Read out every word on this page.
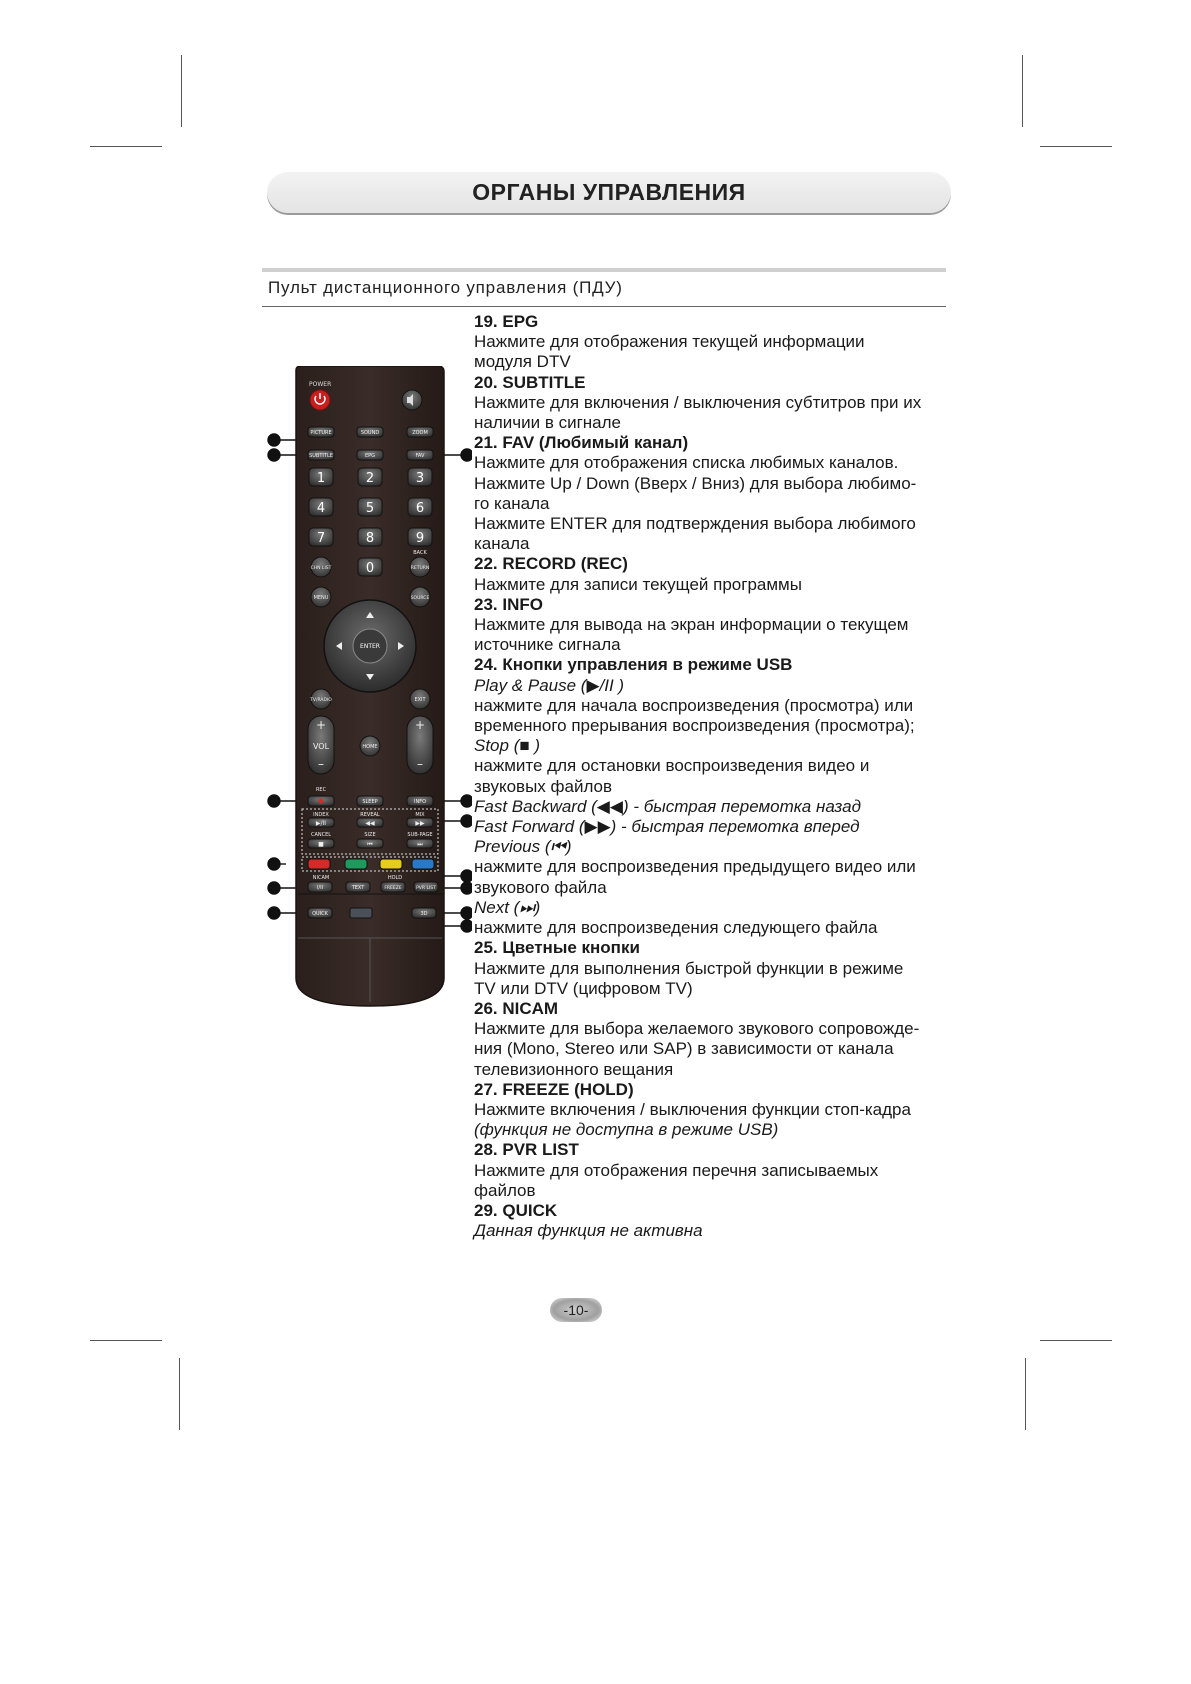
ОРГАНЫ УПРАВЛЕНИЯ
Пульт дистанционного управления (ПДУ)
POWER
PICTURE	SOUND	ZOOM
SUBTITLE	EPG	FAV
1	2	3
4	5	6
7	8	9
0
BACK
CHN LIST	RETURN
MENU	SOURCE
ENTER
TV/RADIO	EXIT
+
VOL
–
HOME
+
–
REC
SLEEP	INFO
INDEX	REVEAL	MIX
▶/II	◀◀	▶▶
CANCEL	SIZE	SUB-PAGE
■	⏮	⏭
NICAM	HOLD
I/II	TEXT	FREEZE	PVR LIST
QUICK	3D
19. EPG
Нажмите для отображения текущей информации
модуля DTV
20. SUBTITLE
Нажмите для включения / выключения субтитров при их
наличии в сигнале
21. FAV (Любимый канал)
Нажмите для отображения списка любимых каналов.
Нажмите Up / Down (Вверх / Вниз) для выбора любимо-
го канала
Нажмите ENTER для подтверждения выбора любимого
канала
22. RECORD (REC)
Нажмите для записи текущей программы
23. INFO
Нажмите для вывода на экран информации о текущем
источнике сигнала
24. Кнопки управления в режиме USB
Play & Pause (▶/II )
нажмите для начала воспроизведения (просмотра) или
временного прерывания воспроизведения (просмотра);
Stop (■ )
нажмите для остановки воспроизведения видео и
звуковых файлов
Fast Backward (◀◀) - быстрая перемотка назад
Fast Forward (▶▶) - быстрая перемотка вперед
Previous (⏮)
нажмите для воспроизведения предыдущего видео или
звукового файла
Next (⏭)
нажмите для воспроизведения следующего файла
25. Цветные кнопки
Нажмите для выполнения быстрой функции в режиме
TV или DTV (цифровом TV)
26. NICAM
Нажмите для выбора желаемого звукового сопровожде-
ния (Mono, Stereo или SAP) в зависимости от канала
телевизионного вещания
27. FREEZE (HOLD)
Нажмите включения / выключения функции стоп-кадра
(функция не доступна в режиме USB)
28. PVR LIST
Нажмите для отображения перечня записываемых
файлов
29. QUICK
Данная функция не активна
-10-
